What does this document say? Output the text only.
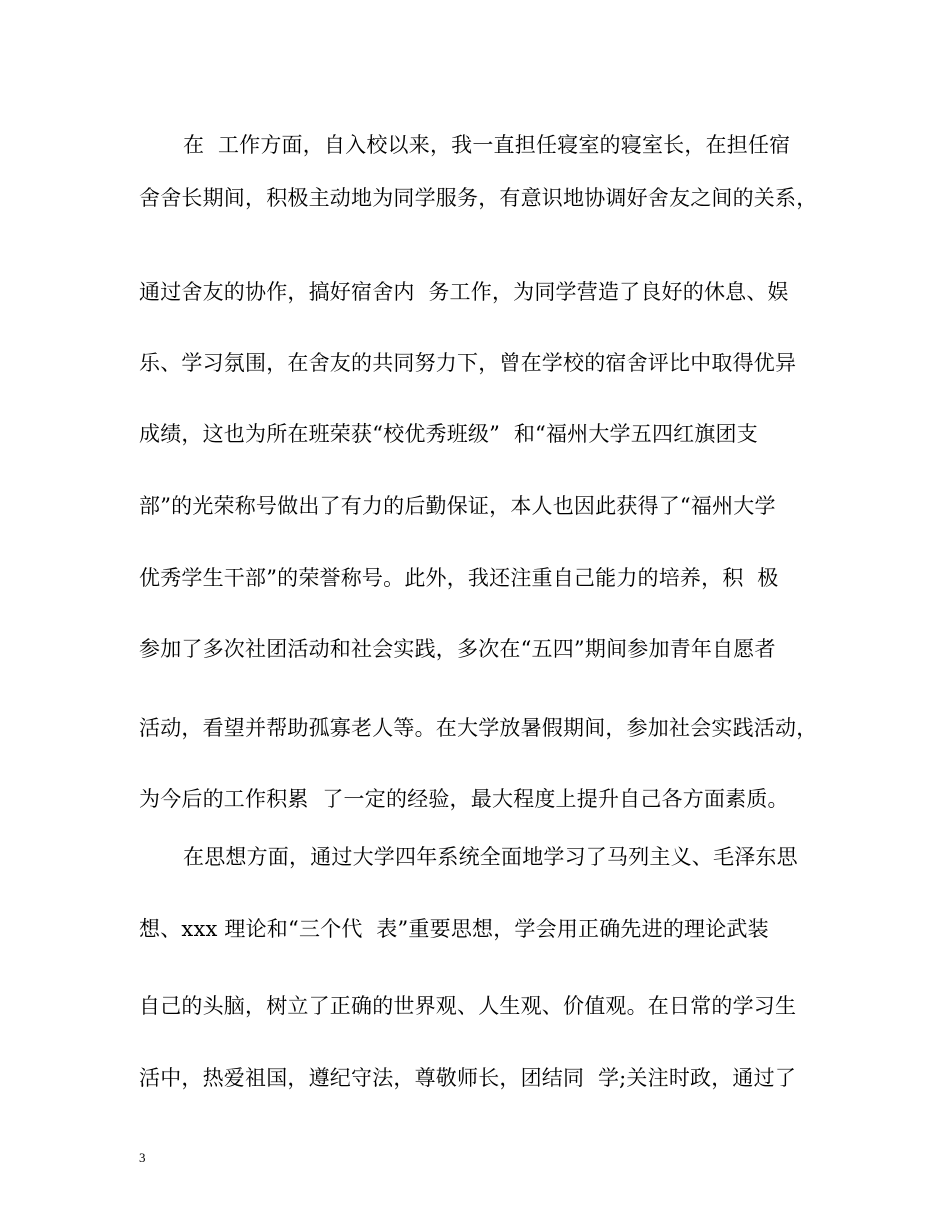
在  工作方面，自入校以来，我一直担任寝室的寝室长，在担任宿
舍舍长期间，积极主动地为同学服务，有意识地协调好舍友之间的关系，
通过舍友的协作，搞好宿舍内  务工作，为同学营造了良好的休息、娱
乐、学习氛围，在舍友的共同努力下，曾在学校的宿舍评比中取得优异
成绩，这也为所在班荣获“校优秀班级”  和“福州大学五四红旗团支
部”的光荣称号做出了有力的后勤保证，本人也因此获得了“福州大学
优秀学生干部”的荣誉称号。此外，我还注重自己能力的培养，积  极
参加了多次社团活动和社会实践，多次在“五四”期间参加青年自愿者
活动，看望并帮助孤寡老人等。在大学放暑假期间，参加社会实践活动，
为今后的工作积累  了一定的经验，最大程度上提升自己各方面素质。
在思想方面，通过大学四年系统全面地学习了马列主义、毛泽东思
想、xxx 理论和“三个代  表”重要思想，学会用正确先进的理论武装
自己的头脑，树立了正确的世界观、人生观、价值观。在日常的学习生
活中，热爱祖国，遵纪守法，尊敬师长，团结同  学;关注时政，通过了
3
